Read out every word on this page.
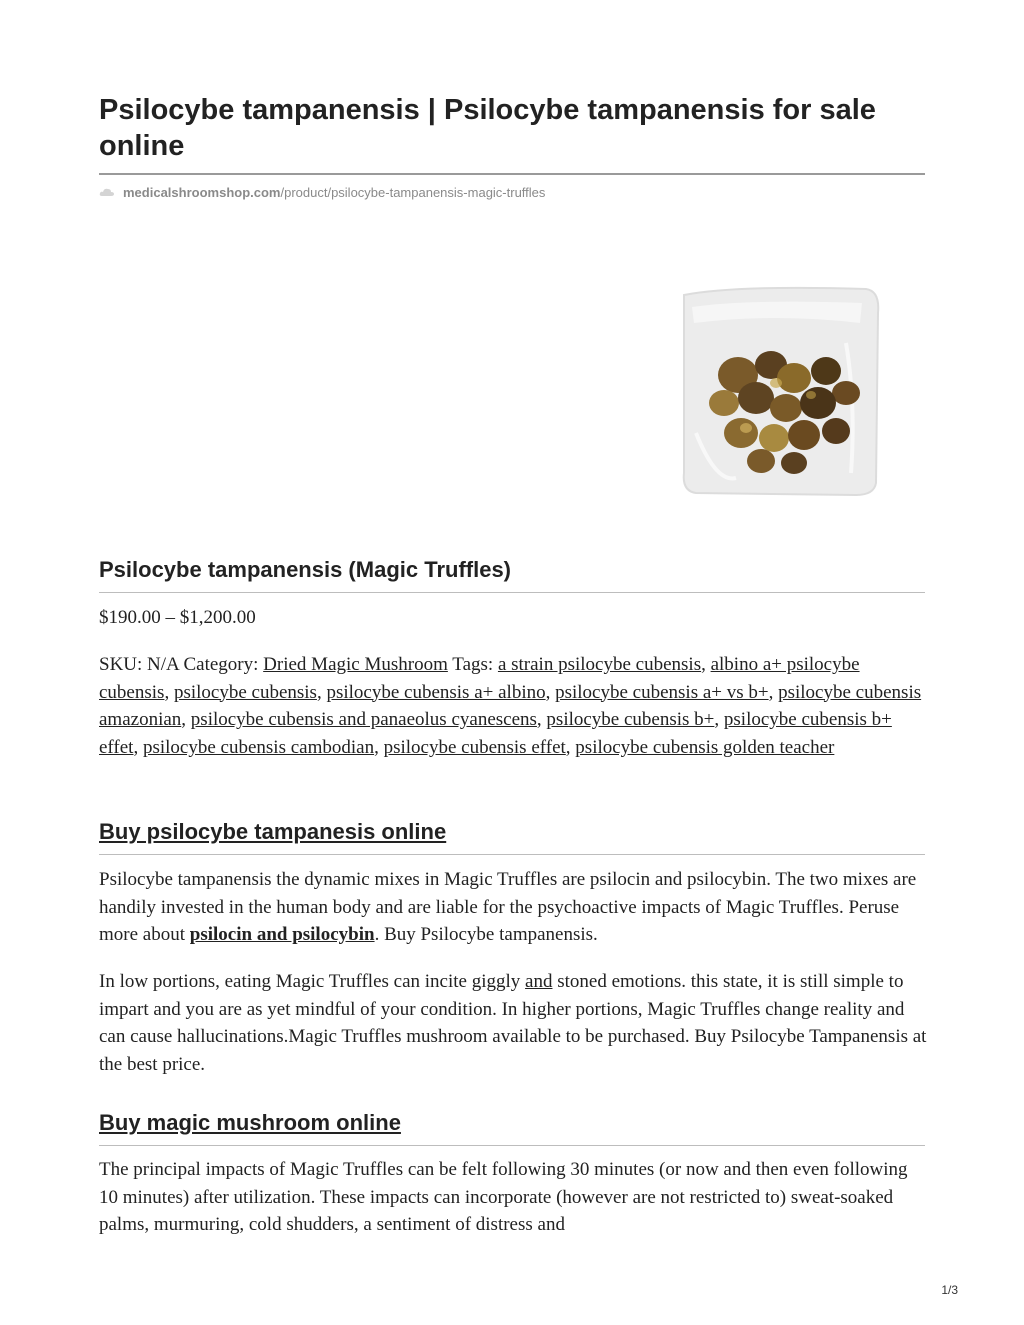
Psilocybe tampanensis | Psilocybe tampanensis for sale online
medicalshroomshop.com /product/psilocybe-tampanensis-magic-truffles
Psilocybe tampanensis (Magic Truffles)

$190.00 – $1,200.00

SKU: N/A Category: Dried Magic Mushroom Tags: a strain psilocybe cubensis, albino a+ psilocybe cubensis, psilocybe cubensis, psilocybe cubensis a+ albino, psilocybe cubensis a+ vs b+, psilocybe cubensis amazonian, psilocybe cubensis and panaeolus cyanescens, psilocybe cubensis b+, psilocybe cubensis b+ effet, psilocybe cubensis cambodian, psilocybe cubensis effet, psilocybe cubensis golden teacher

Buy psilocybe tampanesis online

Psilocybe tampanensis the dynamic mixes in Magic Truffles are psilocin and psilocybin. The two mixes are handily invested in the human body and are liable for the psychoactive impacts of Magic Truffles. Peruse more about psilocin and psilocybin. Buy Psilocybe tampanensis.

In low portions, eating Magic Truffles can incite giggly and stoned emotions. this state, it is still simple to impart and you are as yet mindful of your condition. In higher portions, Magic Truffles change reality and can cause hallucinations.Magic Truffles mushroom available to be purchased. Buy Psilocybe Tampanensis at the best price.

Buy magic mushroom online

The principal impacts of Magic Truffles can be felt following 30 minutes (or now and then even following 10 minutes) after utilization. These impacts can incorporate (however are not restricted to) sweat-soaked palms, murmuring, cold shudders, a sentiment of distress and

1/3
